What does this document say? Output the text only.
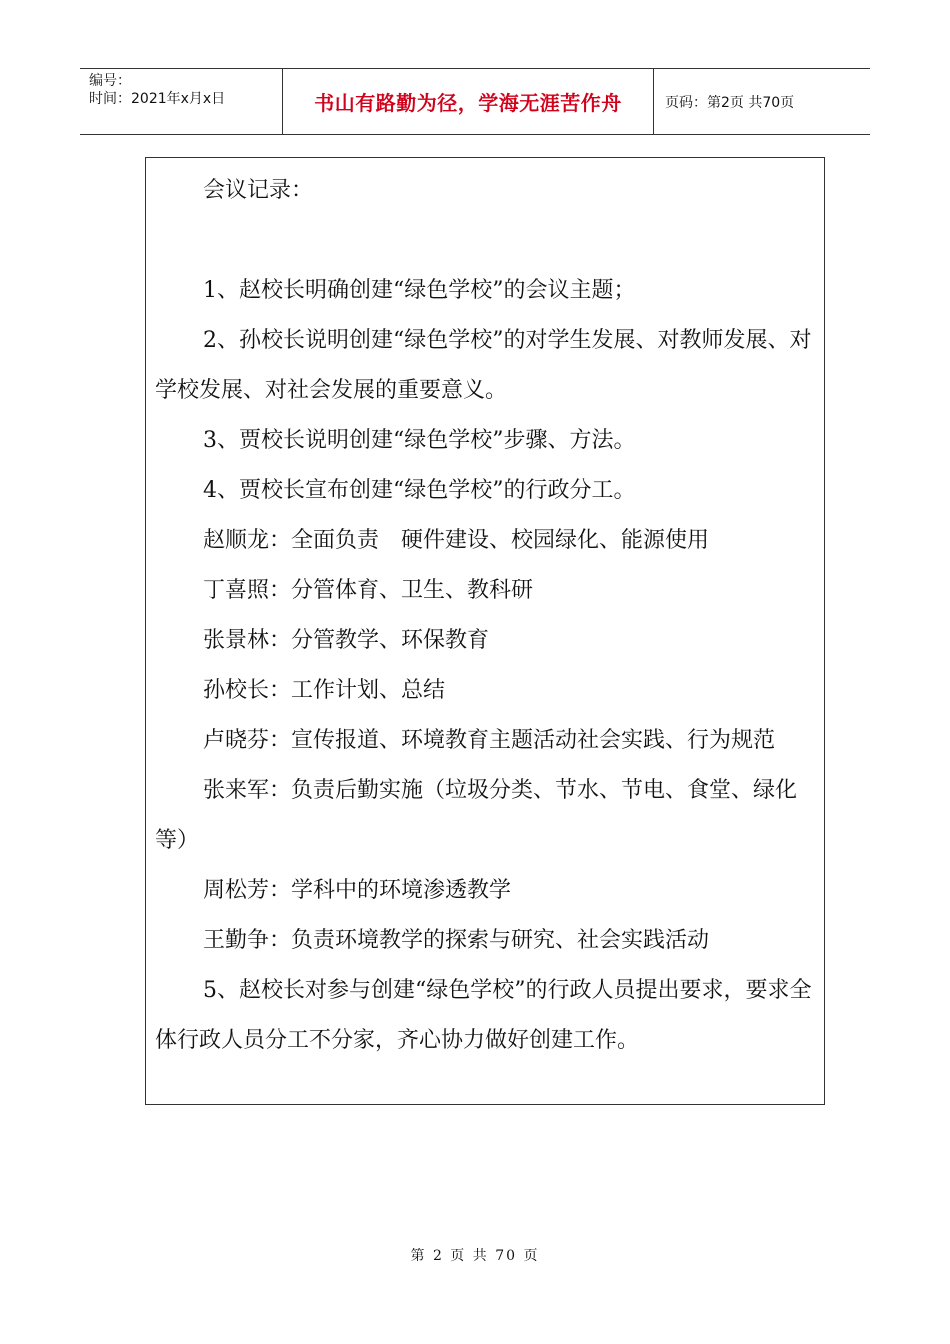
编号：
时间：2021年x月x日	书山有路勤为径，学海无涯苦作舟	页码：第2页 共70页

会议记录：

1、赵校长明确创建“绿色学校”的会议主题；

2、孙校长说明创建“绿色学校”的对学生发展、对教师发展、对学校发展、对社会发展的重要意义。

3、贾校长说明创建“绿色学校”步骤、方法。

4、贾校长宣布创建“绿色学校”的行政分工。

赵顺龙：全面负责　硬件建设、校园绿化、能源使用

丁喜照：分管体育、卫生、教科研

张景林：分管教学、环保教育

孙校长：工作计划、总结

卢晓芬：宣传报道、环境教育主题活动社会实践、行为规范

张来军：负责后勤实施（垃圾分类、节水、节电、食堂、绿化等）

周松芳：学科中的环境渗透教学

王勤争：负责环境教学的探索与研究、社会实践活动

5、赵校长对参与创建“绿色学校”的行政人员提出要求，要求全体行政人员分工不分家，齐心协力做好创建工作。

第 2 页 共 70 页
